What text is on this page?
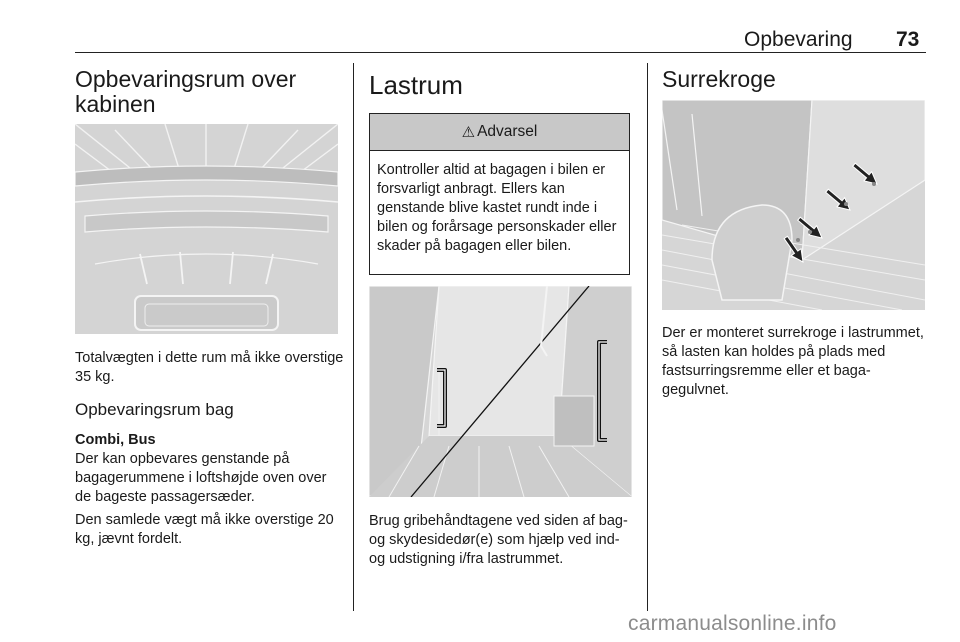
Opbevaring 73
Opbevaringsrum over kabinen

Totalvægten i dette rum må ikke overstige 35 kg.

Opbevaringsrum bag

Combi, Bus

Der kan opbevares genstande på bagagerummene i loftshøjde oven over de bageste passagersæder.

Den samlede vægt må ikke overstige 20 kg, jævnt fordelt.

Lastrum
⚠ Advarsel
Kontroller altid at bagagen i bilen er forsvarligt anbragt. Ellers kan genstande blive kastet rundt inde i bilen og forårsage personskader eller skader på bagagen eller bilen.

Brug gribehåndtagene ved siden af bag- og skydesidedør(e) som hjælp ved ind- og udstigning i/fra lastrummet.

Surrekroge

Der er monteret surrekroge i lastrummet, så lasten kan holdes på plads med fastsurringsremme eller et bagagegulvnet.

carmanualsonline.info
